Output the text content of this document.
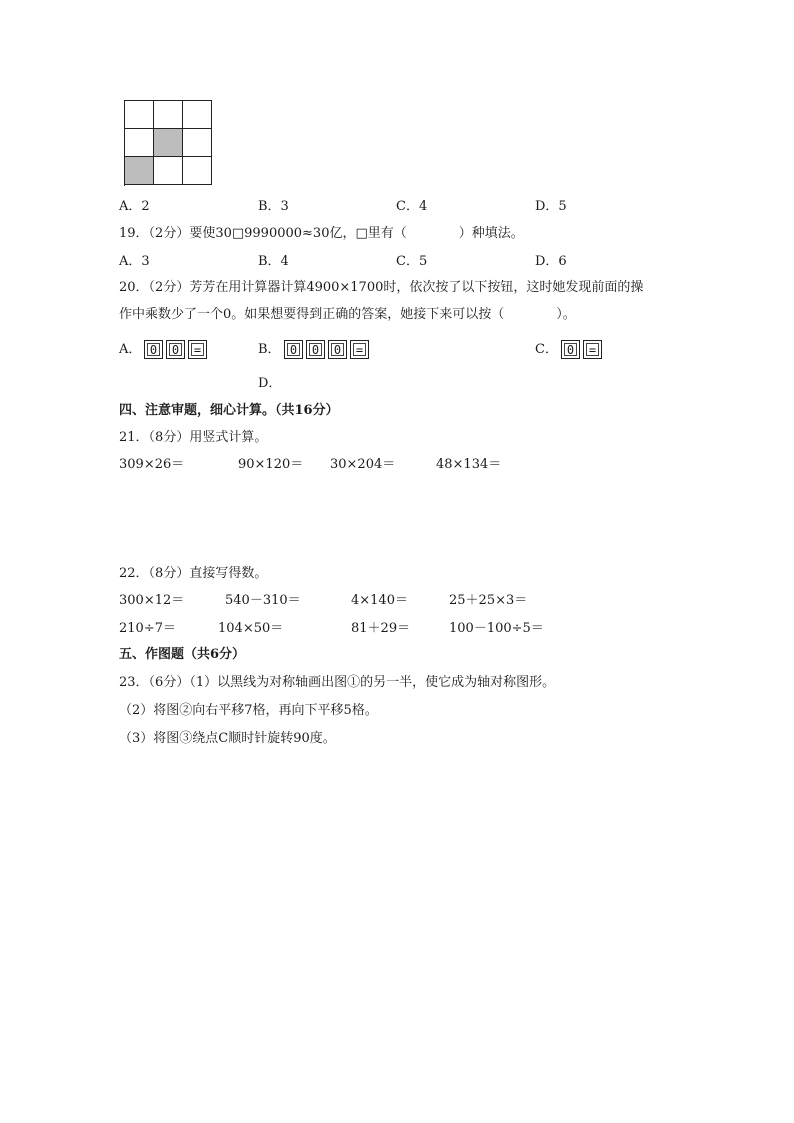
A．2	B．3	C．4	D．5
19．（2分）要使30□9990000≈30亿，□里有（　　　　）种填法。
A．3	B．4	C．5	D．6
20．（2分）芳芳在用计算器计算4900×1700时，依次按了以下按钮，这时她发现前面的操
作中乘数少了一个0。如果想要得到正确的答案，她接下来可以按（　　　　）。
A． 0 0 =	B． 0 0 0 =	C． 0 =
D．
四、注意审题，细心计算。（共16分）
21．（8分）用竖式计算。
309×26＝	90×120＝ 30×204＝	48×134＝
22．（8分）直接写得数。
300×12＝	540－310＝	4×140＝	25＋25×3＝
210÷7＝	104×50＝	81＋29＝	100－100÷5＝
五、作图题（共6分）
23．（6分）（1）以黑线为对称轴画出图①的另一半，使它成为轴对称图形。
（2）将图②向右平移7格，再向下平移5格。
（3）将图③绕点C顺时针旋转90度。
